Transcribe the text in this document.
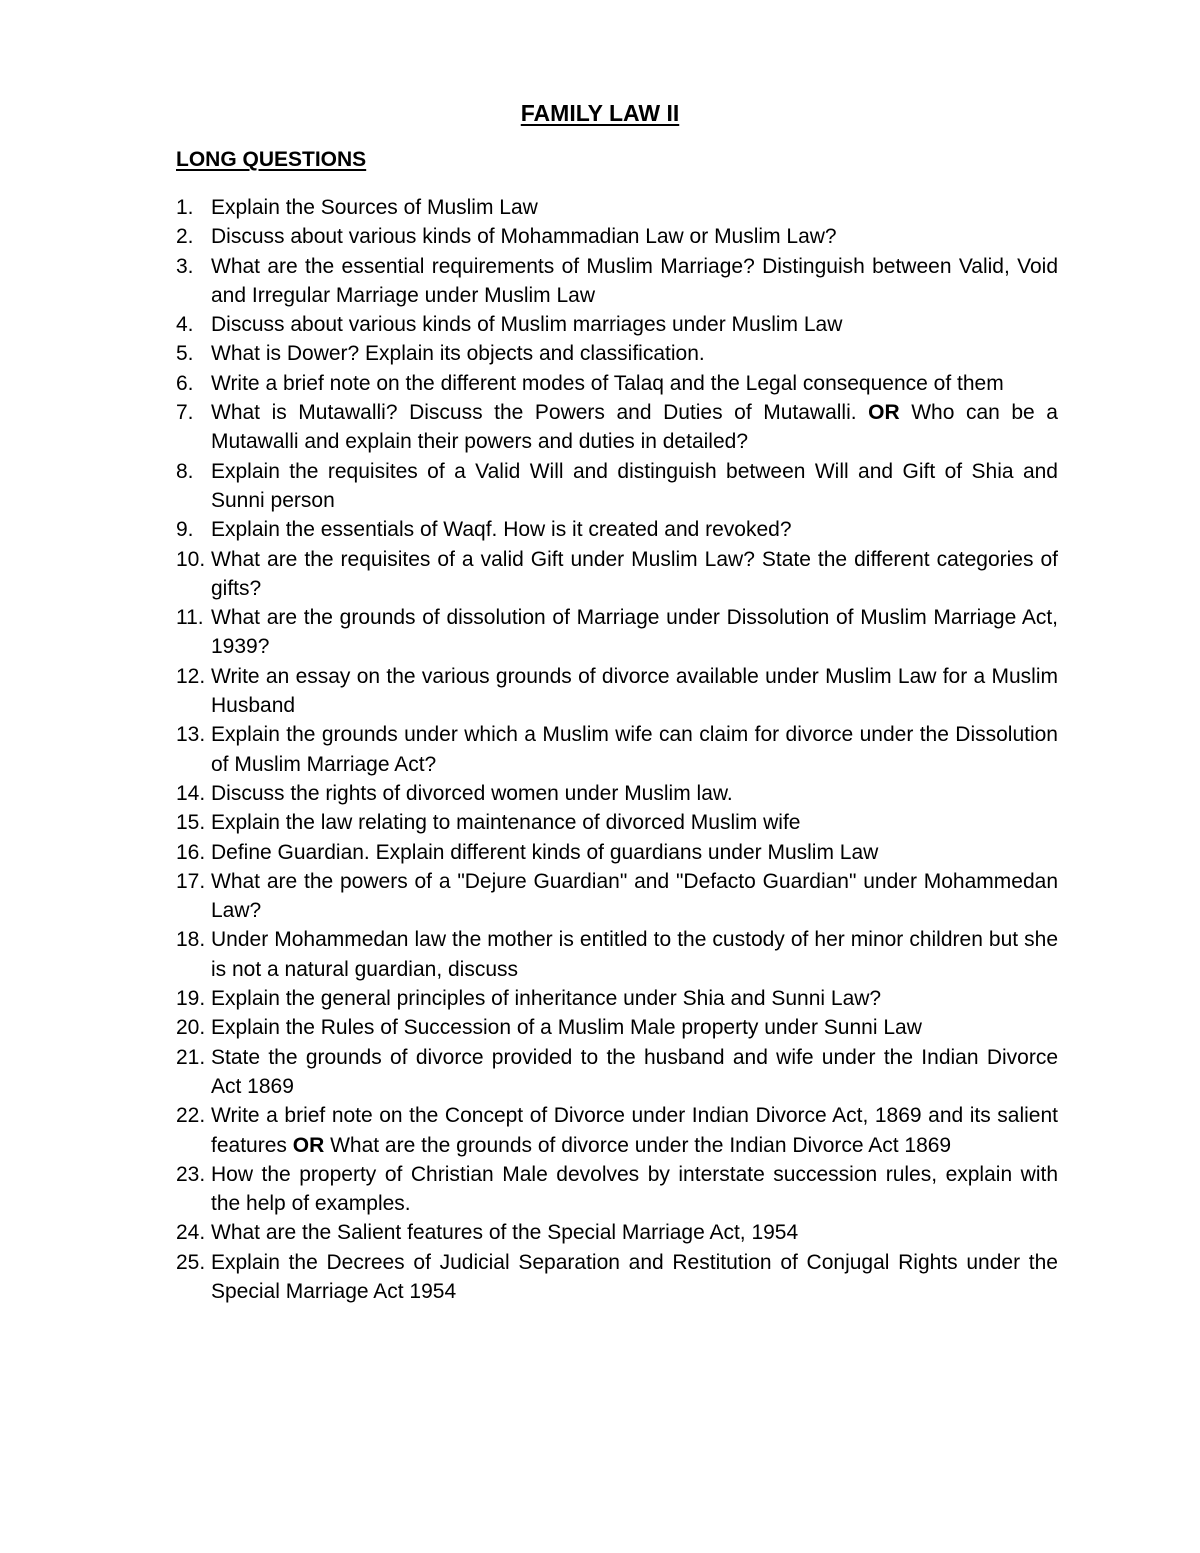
FAMILY LAW II
LONG QUESTIONS
1. Explain the Sources of Muslim Law
2. Discuss about various kinds of Mohammadian Law or Muslim Law?
3. What are the essential requirements of Muslim Marriage? Distinguish between Valid, Void and Irregular Marriage under Muslim Law
4. Discuss about various kinds of Muslim marriages under Muslim Law
5. What is Dower? Explain its objects and classification.
6. Write a brief note on the different modes of Talaq and the Legal consequence of them
7. What is Mutawalli? Discuss the Powers and Duties of Mutawalli. OR Who can be a Mutawalli and explain their powers and duties in detailed?
8. Explain the requisites of a Valid Will and distinguish between Will and Gift of Shia and Sunni person
9. Explain the essentials of Waqf. How is it created and revoked?
10. What are the requisites of a valid Gift under Muslim Law? State the different categories of gifts?
11. What are the grounds of dissolution of Marriage under Dissolution of Muslim Marriage Act, 1939?
12. Write an essay on the various grounds of divorce available under Muslim Law for a Muslim Husband
13. Explain the grounds under which a Muslim wife can claim for divorce under the Dissolution of Muslim Marriage Act?
14. Discuss the rights of divorced women under Muslim law.
15. Explain the law relating to maintenance of divorced Muslim wife
16. Define Guardian. Explain different kinds of guardians under Muslim Law
17. What are the powers of a "Dejure Guardian" and "Defacto Guardian" under Mohammedan Law?
18. Under Mohammedan law the mother is entitled to the custody of her minor children but she is not a natural guardian, discuss
19. Explain the general principles of inheritance under Shia and Sunni Law?
20. Explain the Rules of Succession of a Muslim Male property under Sunni Law
21. State the grounds of divorce provided to the husband and wife under the Indian Divorce Act 1869
22. Write a brief note on the Concept of Divorce under Indian Divorce Act, 1869 and its salient features OR What are the grounds of divorce under the Indian Divorce Act 1869
23. How the property of Christian Male devolves by interstate succession rules, explain with the help of examples.
24. What are the Salient features of the Special Marriage Act, 1954
25. Explain the Decrees of Judicial Separation and Restitution of Conjugal Rights under the Special Marriage Act 1954
